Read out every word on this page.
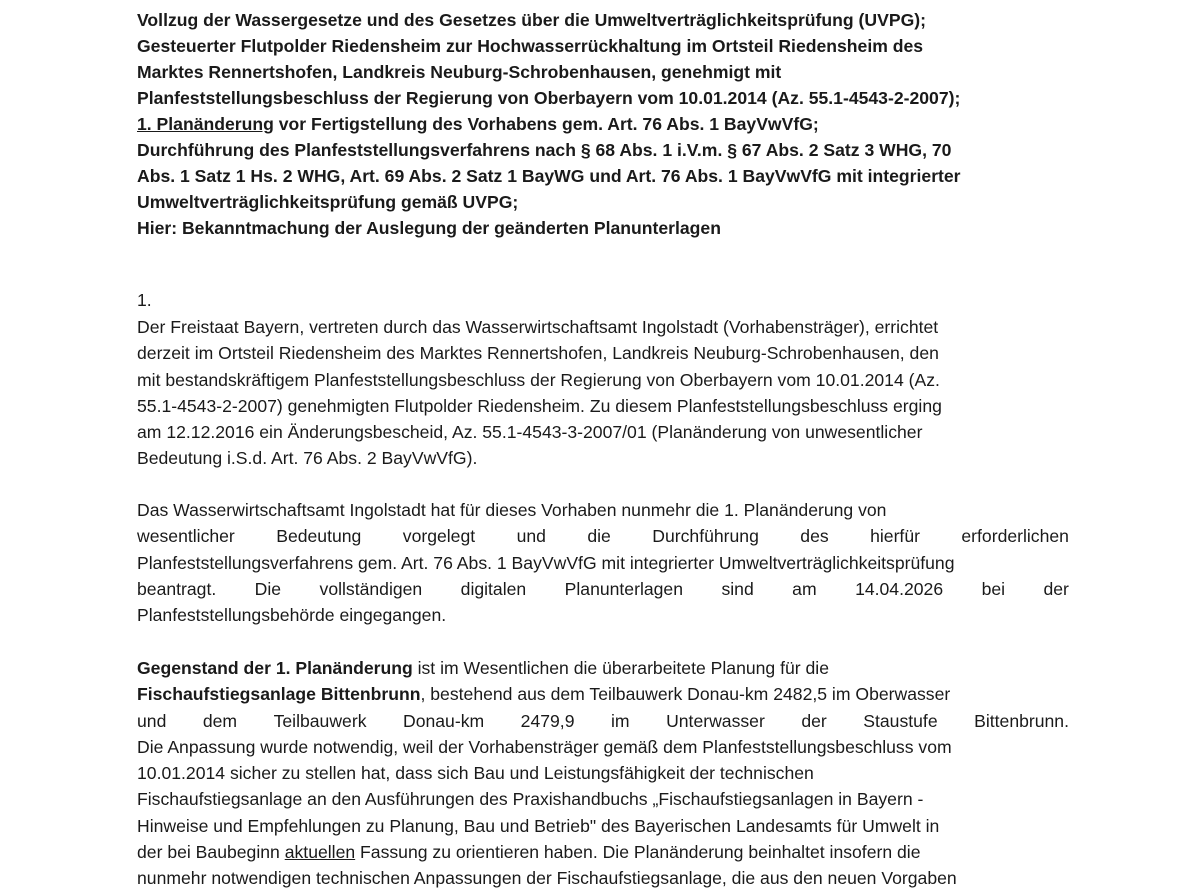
Vollzug der Wassergesetze und des Gesetzes über die Umweltverträglichkeitsprüfung (UVPG);
Gesteuerter Flutpolder Riedensheim zur Hochwasserrückhaltung im Ortsteil Riedensheim des
Marktes Rennertshofen, Landkreis Neuburg-Schrobenhausen, genehmigt mit
Planfeststellungsbeschluss der Regierung von Oberbayern vom 10.01.2014 (Az. 55.1-4543-2-2007);
1. Planänderung vor Fertigstellung des Vorhabens gem. Art. 76 Abs. 1 BayVwVfG;
Durchführung des Planfeststellungsverfahrens nach § 68 Abs. 1 i.V.m. § 67 Abs. 2 Satz 3 WHG, 70
Abs. 1 Satz 1 Hs. 2 WHG, Art. 69 Abs. 2 Satz 1 BayWG und Art. 76 Abs. 1 BayVwVfG mit integrierter
Umweltverträglichkeitsprüfung gemäß UVPG;
Hier: Bekanntmachung der Auslegung der geänderten Planunterlagen
1.
Der Freistaat Bayern, vertreten durch das Wasserwirtschaftsamt Ingolstadt (Vorhabensträger), errichtet
derzeit im Ortsteil Riedensheim des Marktes Rennertshofen, Landkreis Neuburg-Schrobenhausen, den
mit bestandskräftigem Planfeststellungsbeschluss der Regierung von Oberbayern vom 10.01.2014 (Az.
55.1-4543-2-2007) genehmigten Flutpolder Riedensheim. Zu diesem Planfeststellungsbeschluss erging
am 12.12.2016 ein Änderungsbescheid, Az. 55.1-4543-3-2007/01 (Planänderung von unwesentlicher
Bedeutung i.S.d. Art. 76 Abs. 2 BayVwVfG).
Das Wasserwirtschaftsamt Ingolstadt hat für dieses Vorhaben nunmehr die 1. Planänderung von
wesentlicher Bedeutung vorgelegt und die Durchführung des hierfür erforderlichen
Planfeststellungsverfahrens gem. Art. 76 Abs. 1 BayVwVfG mit integrierter Umweltverträglichkeitsprüfung
beantragt. Die vollständigen digitalen Planunterlagen sind am 14.04.2026 bei der
Planfeststellungsbehörde eingegangen.
Gegenstand der 1. Planänderung ist im Wesentlichen die überarbeitete Planung für die
Fischaufstiegsanlage Bittenbrunn, bestehend aus dem Teilbauwerk Donau-km 2482,5 im Oberwasser
und dem Teilbauwerk Donau-km 2479,9 im Unterwasser der Staustufe Bittenbrunn.
Die Anpassung wurde notwendig, weil der Vorhabensträger gemäß dem Planfeststellungsbeschluss vom
10.01.2014 sicher zu stellen hat, dass sich Bau und Leistungsfähigkeit der technischen
Fischaufstiegsanlage an den Ausführungen des Praxishandbuchs „Fischaufstiegsanlagen in Bayern -
Hinweise und Empfehlungen zu Planung, Bau und Betrieb" des Bayerischen Landesamts für Umwelt in
der bei Baubeginn aktuellen Fassung zu orientieren haben. Die Planänderung beinhaltet insofern die
nunmehr notwendigen technischen Anpassungen der Fischaufstiegsanlage, die aus den neuen Vorgaben
